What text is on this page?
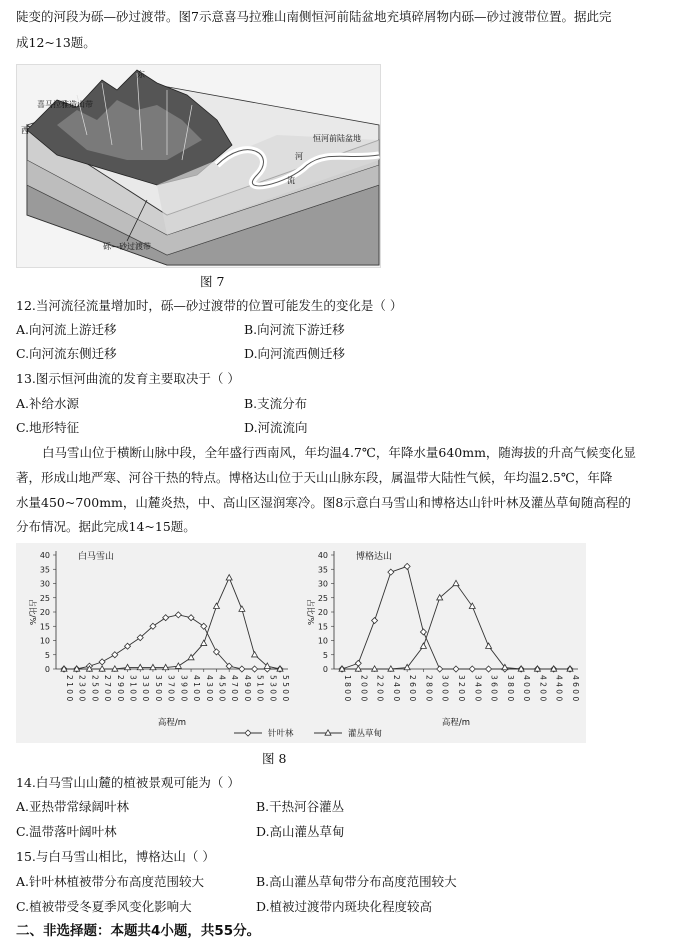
陡变的河段为砾—砂过渡带。图7示意喜马拉雅山南侧恒河前陆盆地充填碎屑物内砾—砂过渡带位置。据此完
成12~13题。
东
西
喜马拉雅造山带
恒河前陆盆地
河
流
砾—砂过渡带
图 7
12.当河流径流量增加时，砾—砂过渡带的位置可能发生的变化是（ ）
A.向河流上游迁移	B.向河流下游迁移
C.向河流东侧迁移	D.向河流西侧迁移
13.图示恒河曲流的发育主要取决于（ ）
A.补给水源	B.支流分布
C.地形特征	D.河流流向
白马雪山位于横断山脉中段，全年盛行西南风，年均温4.7℃，年降水量640mm，随海拔的升高气候变化显
著，形成山地严寒、河谷干热的特点。博格达山位于天山山脉东段，属温带大陆性气候，年均温2.5℃，年降
水量450~700mm，山麓炎热，中、高山区湿润寒冷。图8示意白马雪山和博格达山针叶林及灌丛草甸随高程的
分布情况。据此完成14~15题。
0
5
10
15
20
25
30
35
40
2 1 0 0 2 3 0 0 2 5 0 0 2 7 0 0 2 9 0 0 3 1 0 0 3 3 0 0 3 5 0 0 3 7 0 0 3 9 0 0 4 1 0 0 4 3 0 0 4 5 0 0 4 7 0 0 4 9 0 0 5 1 0 0 5 3 0 0 5 5 0 0
白马雪山
占比/%
高程/m
0
5
10
15
20
25
30
35
40
1 8 0 0 2 0 0 0 2 2 0 0 2 4 0 0 2 6 0 0 2 8 0 0 3 0 0 0 3 2 0 0 3 4 0 0 3 6 0 0 3 8 0 0 4 0 0 0 4 2 0 0 4 4 0 0 4 6 0 0
博格达山
占比/%
高程/m
针叶林	灌丛草甸
图 8
14.白马雪山山麓的植被景观可能为（ ）
A.亚热带常绿阔叶林	B.干热河谷灌丛
C.温带落叶阔叶林	D.高山灌丛草甸
15.与白马雪山相比，博格达山（ ）
A.针叶林植被带分布高度范围较大	B.高山灌丛草甸带分布高度范围较大
C.植被带受冬夏季风变化影响大	D.植被过渡带内斑块化程度较高
二、非选择题：本题共4小题，共55分。
